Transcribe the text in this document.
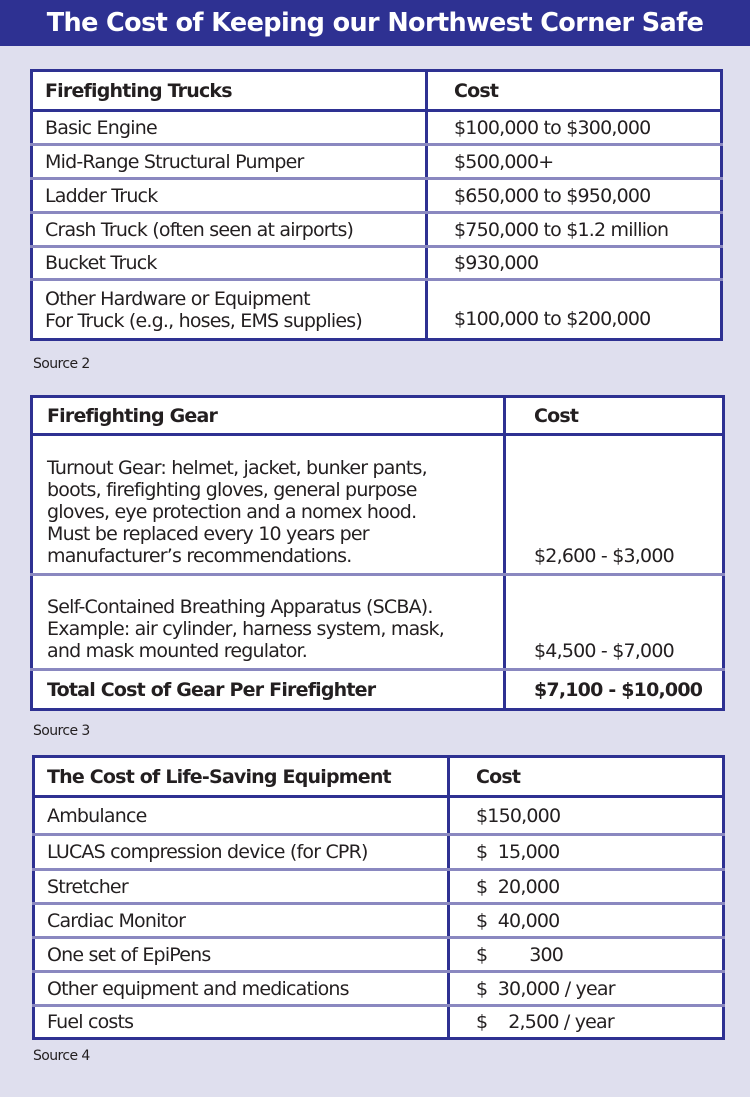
The Cost of Keeping our Northwest Corner Safe
Firefighting Trucks	Cost
Basic Engine	$100,000 to $300,000
Mid-Range Structural Pumper	$500,000+
Ladder Truck	$650,000 to $950,000
Crash Truck (often seen at airports)	$750,000 to $1.2 million
Bucket Truck	$930,000
Other Hardware or Equipment
For Truck (e.g., hoses, EMS supplies)	$100,000 to $200,000
Source 2
Firefighting Gear	Cost
Turnout Gear: helmet, jacket, bunker pants,
boots, firefighting gloves, general purpose
gloves, eye protection and a nomex hood.
Must be replaced every 10 years per
manufacturer’s recommendations.	$2,600 - $3,000
Self-Contained Breathing Apparatus (SCBA).
Example: air cylinder, harness system, mask,
and mask mounted regulator.	$4,500 - $7,000
Total Cost of Gear Per Firefighter	$7,100 - $10,000
Source 3
The Cost of Life-Saving Equipment	Cost
Ambulance	$150,000
LUCAS compression device (for CPR)	$  15,000
Stretcher	$  20,000
Cardiac Monitor	$  40,000
One set of EpiPens	$        300
Other equipment and medications	$  30,000 / year
Fuel costs	$    2,500 / year
Source 4
